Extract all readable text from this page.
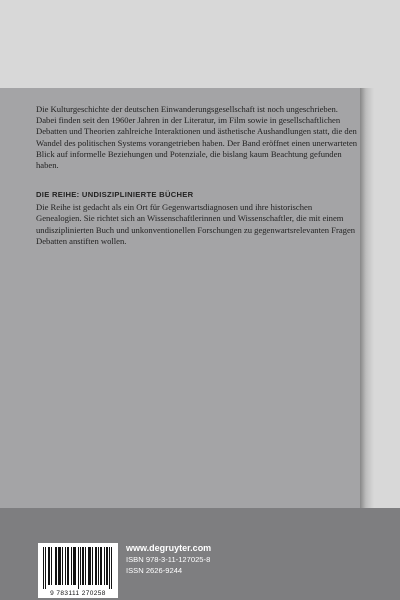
Die Kulturgeschichte der deutschen Einwanderungsgesellschaft ist noch ungeschrieben. Dabei finden seit den 1960er Jahren in der Literatur, im Film sowie in gesellschaftlichen Debatten und Theorien zahlreiche Interaktionen und ästhetische Aushandlungen statt, die den Wandel des politischen Systems vorangetrieben haben. Der Band eröffnet einen unerwarteten Blick auf informelle Beziehungen und Potenziale, die bislang kaum Beachtung gefunden haben.

DIE REIHE: UNDISZIPLINIERTE BÜCHER

Die Reihe ist gedacht als ein Ort für Gegenwartsdiagnosen und ihre historischen Genealogien. Sie richtet sich an Wissenschaftlerinnen und Wissenschaftler, die mit einem undisziplinierten Buch und unkonventionellen Forschungen zu gegenwartsrelevanten Fragen Debatten anstiften wollen.

9 783111 270258
www.degruyter.com
ISBN 978-3-11-127025-8
ISSN 2626-9244
